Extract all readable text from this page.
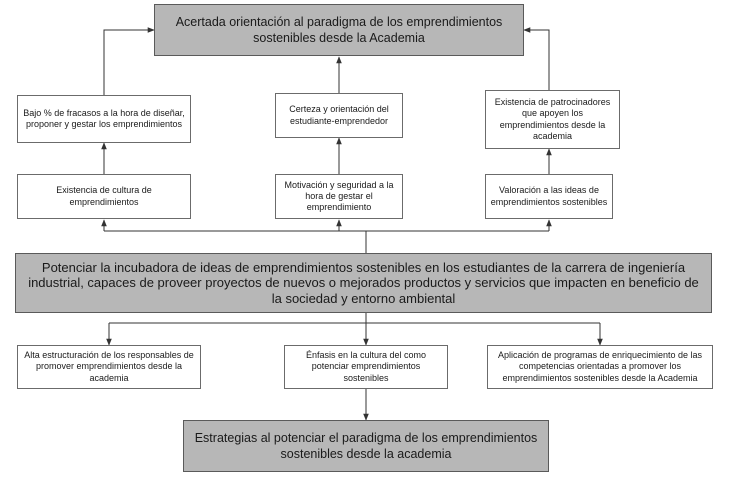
Acertada orientación al paradigma de los emprendimientos
sostenibles desde la Academia
Bajo % de fracasos a la hora de diseñar, proponer y gestar los emprendimientos
Certeza y orientación del estudiante-emprendedor
Existencia de patrocinadores que apoyen los emprendimientos desde la academia
Existencia de cultura de emprendimientos
Motivación y seguridad a la hora de gestar el emprendimiento
Valoración a las ideas de emprendimientos sostenibles
Potenciar la incubadora de ideas de emprendimientos sostenibles en los estudiantes de la carrera de ingeniería industrial, capaces de proveer proyectos de nuevos o mejorados productos y servicios que impacten en beneficio de la sociedad y entorno ambiental
Alta estructuración de los responsables de promover emprendimientos desde la academia
Énfasis en la cultura del como potenciar emprendimientos sostenibles
Aplicación de programas de enriquecimiento de las competencias orientadas a promover los emprendimientos sostenibles desde la Academia
Estrategias al potenciar el paradigma de los emprendimientos
sostenibles desde la academia
